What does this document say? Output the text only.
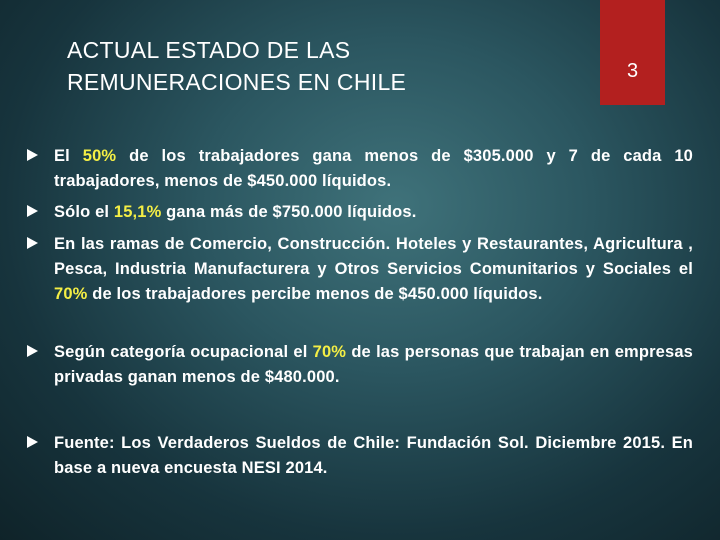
ACTUAL ESTADO DE LAS
REMUNERACIONES EN CHILE	3
El 50% de los trabajadores gana menos de $305.000 y 7 de cada 10 trabajadores, menos de $450.000 líquidos.
Sólo el 15,1% gana más de $750.000 líquidos.
En las ramas de Comercio, Construcción. Hoteles y Restaurantes, Agricultura , Pesca, Industria Manufacturera y Otros Servicios Comunitarios y Sociales el 70% de los trabajadores percibe menos de $450.000 líquidos.
Según categoría ocupacional el 70% de las personas que trabajan en empresas privadas ganan menos de $480.000.
Fuente: Los Verdaderos Sueldos de Chile: Fundación Sol. Diciembre 2015. En base a nueva encuesta NESI 2014.
